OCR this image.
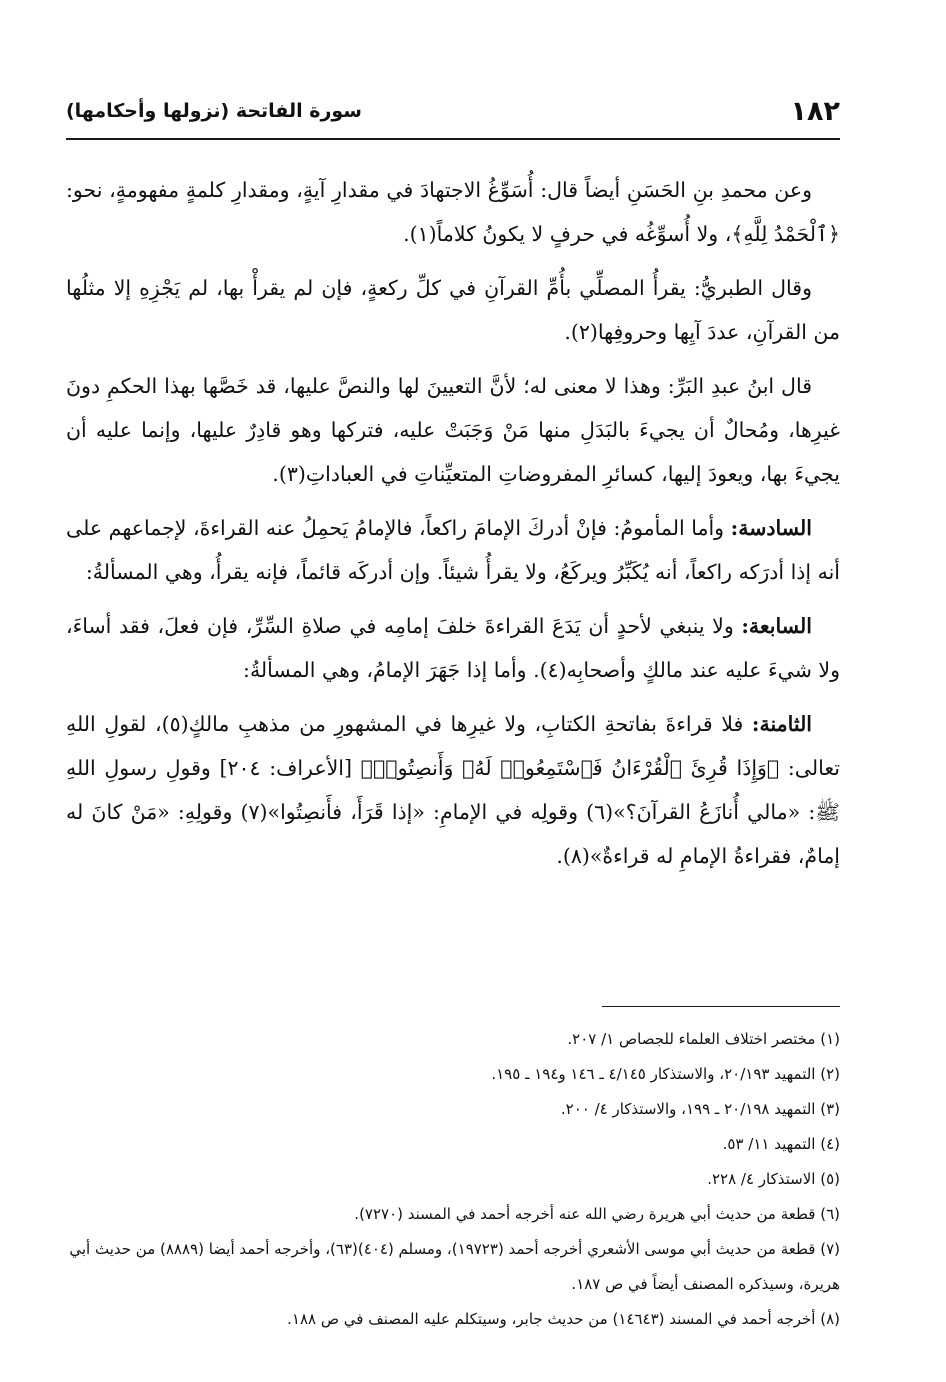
١٨٢
سورة الفاتحة (نزولها وأحكامها)

وعن محمدِ بنِ الحَسَنِ أيضاً قال: أُسَوِّغُ الاجتهادَ في مقدارِ آيةٍ، ومقدارِ كلمةٍ مفهومةٍ، نحو: ﴿ٱلْحَمْدُ لِلَّهِ﴾، ولا أُسوِّغُه في حرفٍ لا يكونُ كلاماً(١).

وقال الطبريُّ: يقرأُ المصلِّي بأُمِّ القرآنِ في كلِّ ركعةٍ، فإن لم يقرأْ بها، لم يَجْزِهِ إلا مثلُها من القرآنِ، عددَ آيِها وحروفِها(٢).

قال ابنُ عبدِ البَرِّ: وهذا لا معنى له؛ لأنَّ التعيينَ لها والنصَّ عليها، قد خَصَّها بهذا الحكمِ دونَ غيرِها، ومُحالٌ أن يجيءَ بالبَدَلِ منها مَنْ وَجَبَتْ عليه، فتركها وهو قادِرٌ عليها، وإنما عليه أن يجيءَ بها، ويعودَ إليها، كسائرِ المفروضاتِ المتعيِّناتِ في العباداتِ(٣).

السادسة: وأما المأمومُ: فإنْ أدركَ الإمامَ راكعاً، فالإمامُ يَحمِلُ عنه القراءةَ، لإجماعهم على أنه إذا أدرَكه راكعاً، أنه يُكَبِّرُ ويركَعُ، ولا يقرأُ شيئاً. وإن أدركَه قائماً، فإنه يقرأُ، وهي المسألةُ:

السابعة: ولا ينبغي لأحدٍ أن يَدَعَ القراءةَ خلفَ إمامِه في صلاةِ السِّرِّ، فإن فعلَ، فقد أساءَ، ولا شيءَ عليه عند مالكٍ وأصحابِه(٤). وأما إذا جَهَرَ الإمامُ، وهي المسألةُ:

الثامنة: فلا قراءةَ بفاتحةِ الكتابِ، ولا غيرِها في المشهورِ من مذهبِ مالكٍ(٥)، لقولِ اللهِ تعالى: ﴿وَإِذَا قُرِئَ ٱلْقُرْءَانُ فَٱسْتَمِعُوا۟ لَهُۥ وَأَنصِتُوا۟﴾ [الأعراف: ٢٠٤] وقولِ رسولِ اللهِ ﷺ: «مالي أُنازَعُ القرآنَ؟»(٦) وقولِه في الإمامِ: «إذا قَرَأَ، فأَنصِتُوا»(٧) وقولِهِ: «مَنْ كانَ له إمامٌ، فقراءةُ الإمامِ له قراءةٌ»(٨).

(١) مختصر اختلاف العلماء للجصاص ١/ ٢٠٧.

(٢) التمهيد ٢٠/١٩٣، والاستذكار ٤/١٤٥ ـ ١٤٦ و١٩٤ ـ ١٩٥.

(٣) التمهيد ٢٠/١٩٨ ـ ١٩٩، والاستذكار ٤/ ٢٠٠.

(٤) التمهيد ١١/ ٥٣.

(٥) الاستذكار ٤/ ٢٢٨.

(٦) قطعة من حديث أبي هريرة رضي الله عنه أخرجه أحمد في المسند (٧٢٧٠).

(٧) قطعة من حديث أبي موسى الأشعري أخرجه أحمد (١٩٧٢٣)، ومسلم (٤٠٤)(٦٣)، وأخرجه أحمد أيضا (٨٨٨٩) من حديث أبي هريرة، وسيذكره المصنف أيضاً في ص ١٨٧.

(٨) أخرجه أحمد في المسند (١٤٦٤٣) من حديث جابر، وسيتكلم عليه المصنف في ص ١٨٨.
